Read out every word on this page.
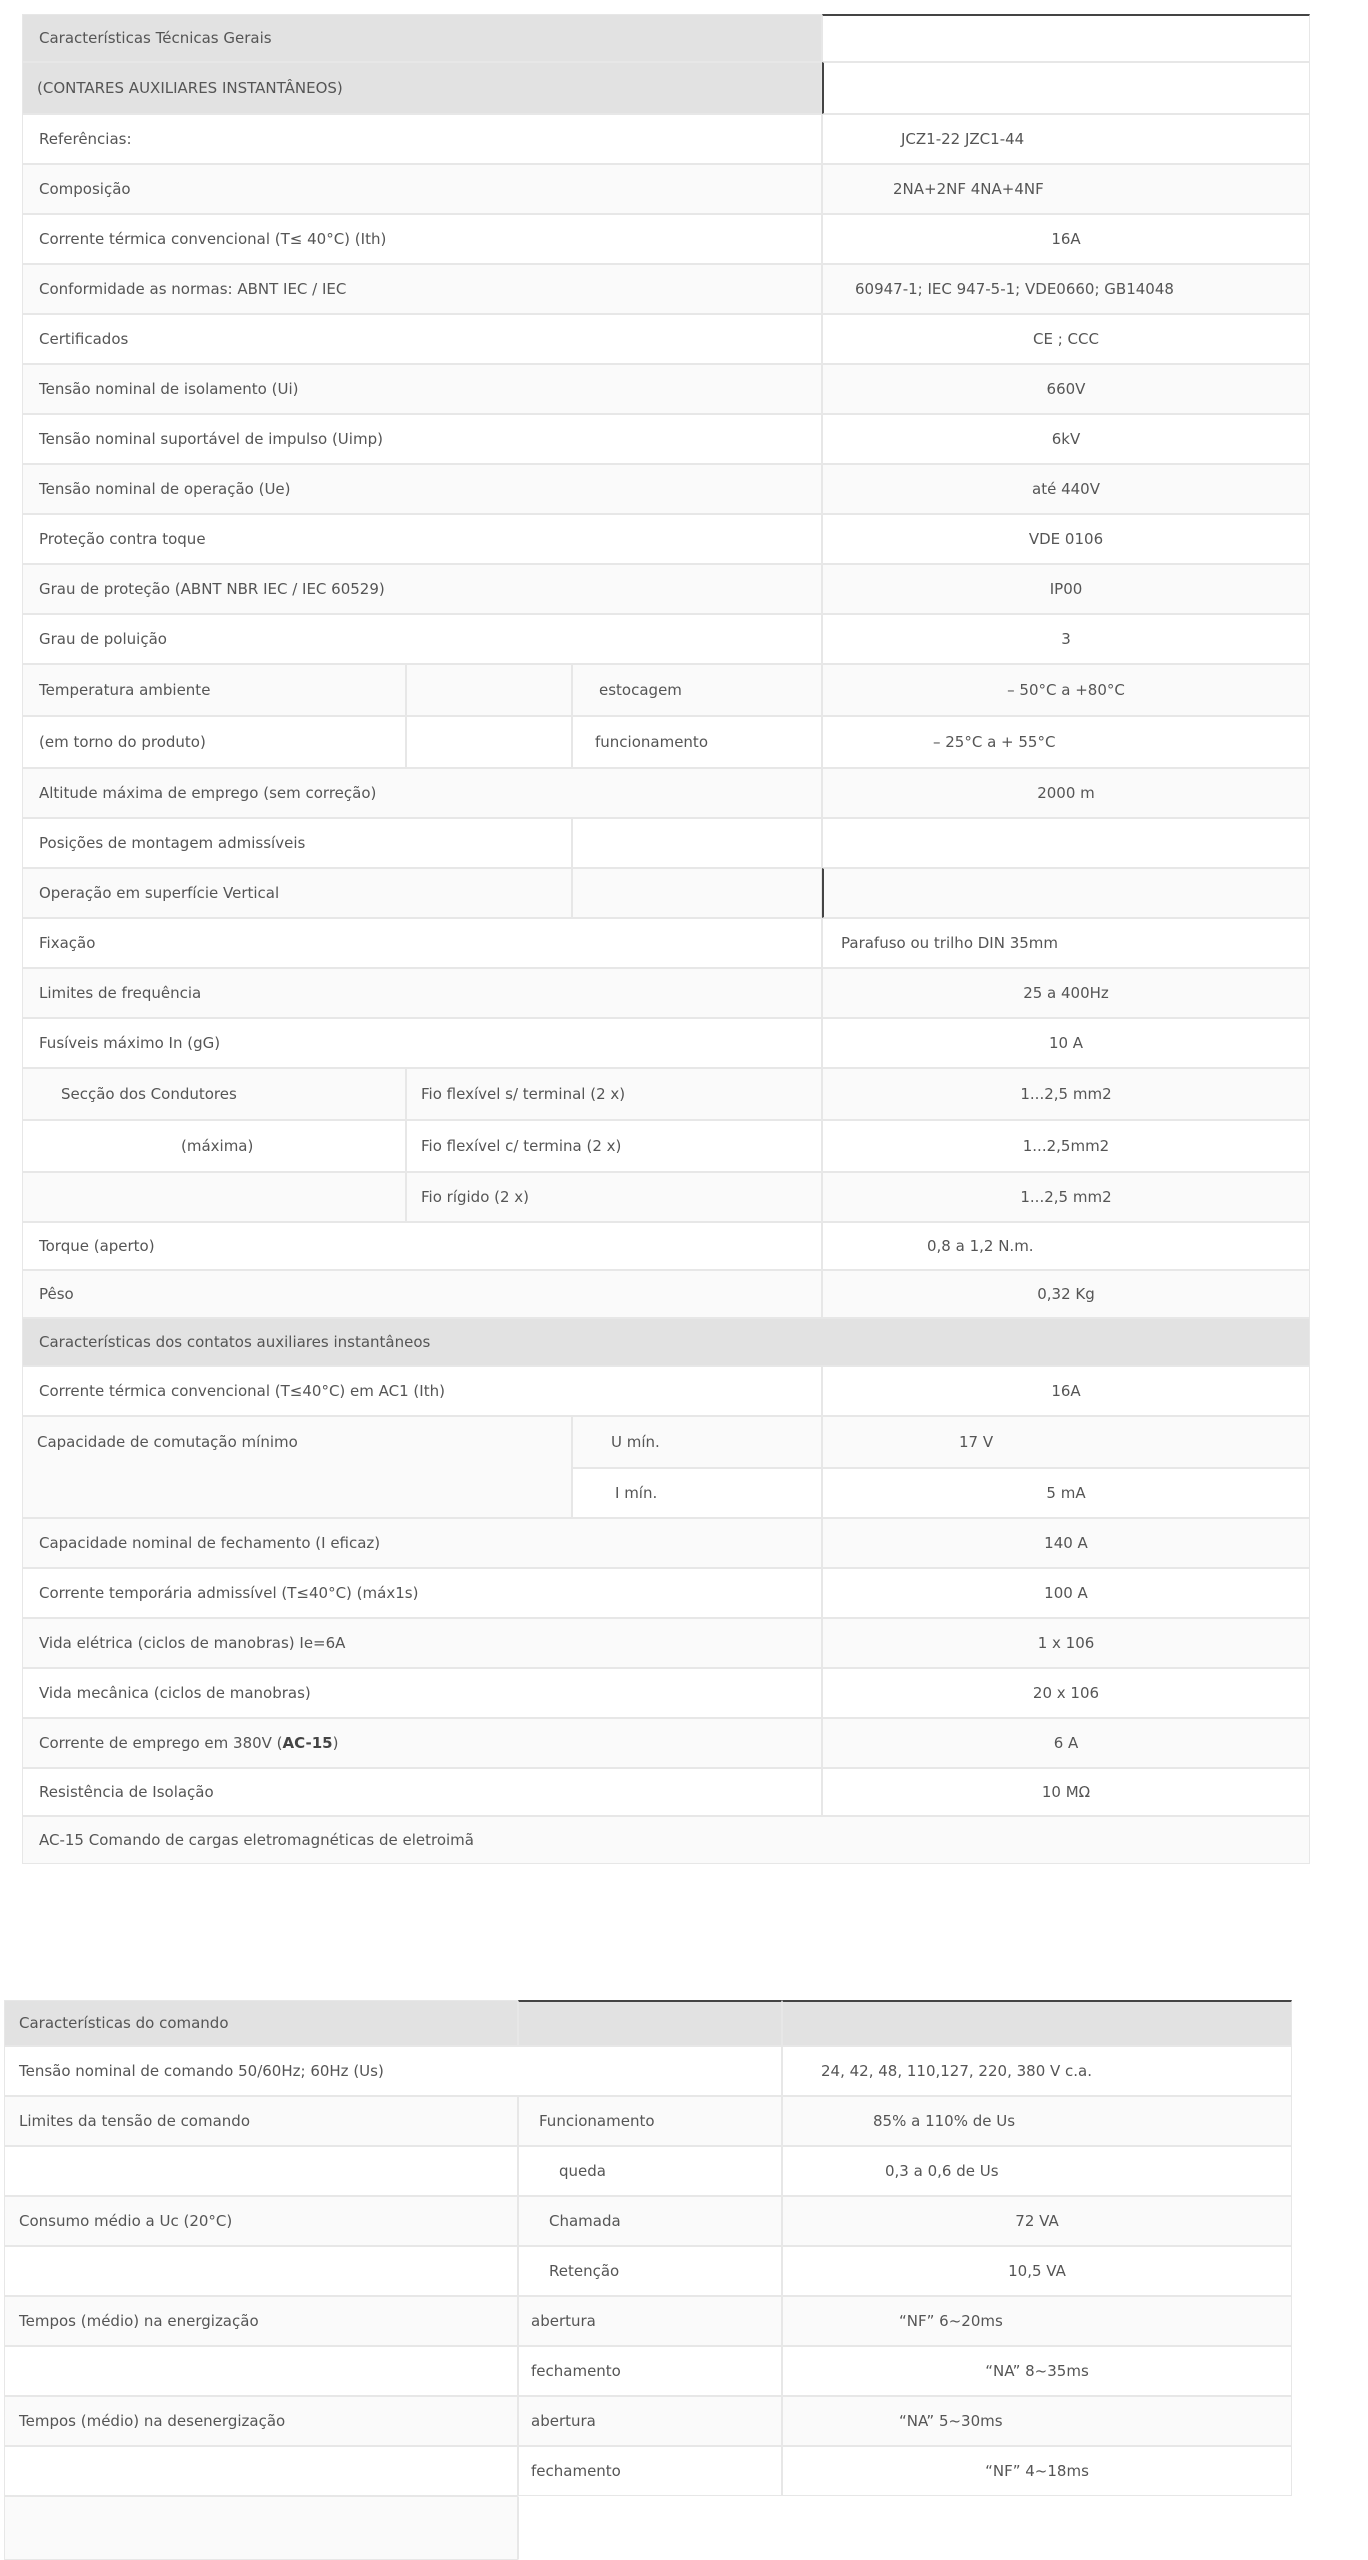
Características Técnicas Gerais
(CONTARES AUXILIARES INSTANTÂNEOS)
Referências:	JCZ1-22 JZC1-44
Composição	2NA+2NF 4NA+4NF
Corrente térmica convencional (T≤ 40°C) (Ith)	16A
Conformidade as normas: ABNT IEC / IEC	60947-1; IEC 947-5-1; VDE0660; GB14048
Certificados	CE ; CCC
Tensão nominal de isolamento (Ui)	660V
Tensão nominal suportável de impulso (Uimp)	6kV
Tensão nominal de operação (Ue)	até 440V
Proteção contra toque	VDE 0106
Grau de proteção (ABNT NBR IEC / IEC 60529)	IP00
Grau de poluição	3
Temperatura ambiente	estocagem	– 50°C a +80°C
(em torno do produto)	funcionamento	– 25°C a + 55°C
Altitude máxima de emprego (sem correção)	2000 m
Posições de montagem admissíveis
Operação em superfície Vertical
Fixação	Parafuso ou trilho DIN 35mm
Limites de frequência	25 a 400Hz
Fusíveis máximo In (gG)	10 A
Secção dos Condutores	Fio flexível s/ terminal (2 x)	1...2,5 mm2
(máxima)	Fio flexível c/ termina (2 x)	1...2,5mm2
Fio rígido (2 x)	1...2,5 mm2
Torque (aperto)	0,8 a 1,2 N.m.
Pêso	0,32 Kg
Características dos contatos auxiliares instantâneos
Corrente térmica convencional (T≤40°C) em AC1 (Ith)	16A
Capacidade de comutação mínimo	U mín.	17 V
I mín.	5 mA
Capacidade nominal de fechamento (I eficaz)	140 A
Corrente temporária admissível (T≤40°C) (máx1s)	100 A
Vida elétrica (ciclos de manobras) Ie=6A	1 x 106
Vida mecânica (ciclos de manobras)	20 x 106
Corrente de emprego em 380V (AC-15)	6 A
Resistência de Isolação	10 MΩ
AC-15 Comando de cargas eletromagnéticas de eletroimã
Características do comando
Tensão nominal de comando 50/60Hz; 60Hz (Us)	24, 42, 48, 110,127, 220, 380 V c.a.
Limites da tensão de comando	Funcionamento	85% a 110% de Us
queda	0,3 a 0,6 de Us
Consumo médio a Uc (20°C)	Chamada	72 VA
Retenção	10,5 VA
Tempos (médio) na energização	abertura	“NF” 6~20ms
fechamento	“NA” 8~35ms
Tempos (médio) na desenergização	abertura	“NA” 5~30ms
fechamento	“NF” 4~18ms
